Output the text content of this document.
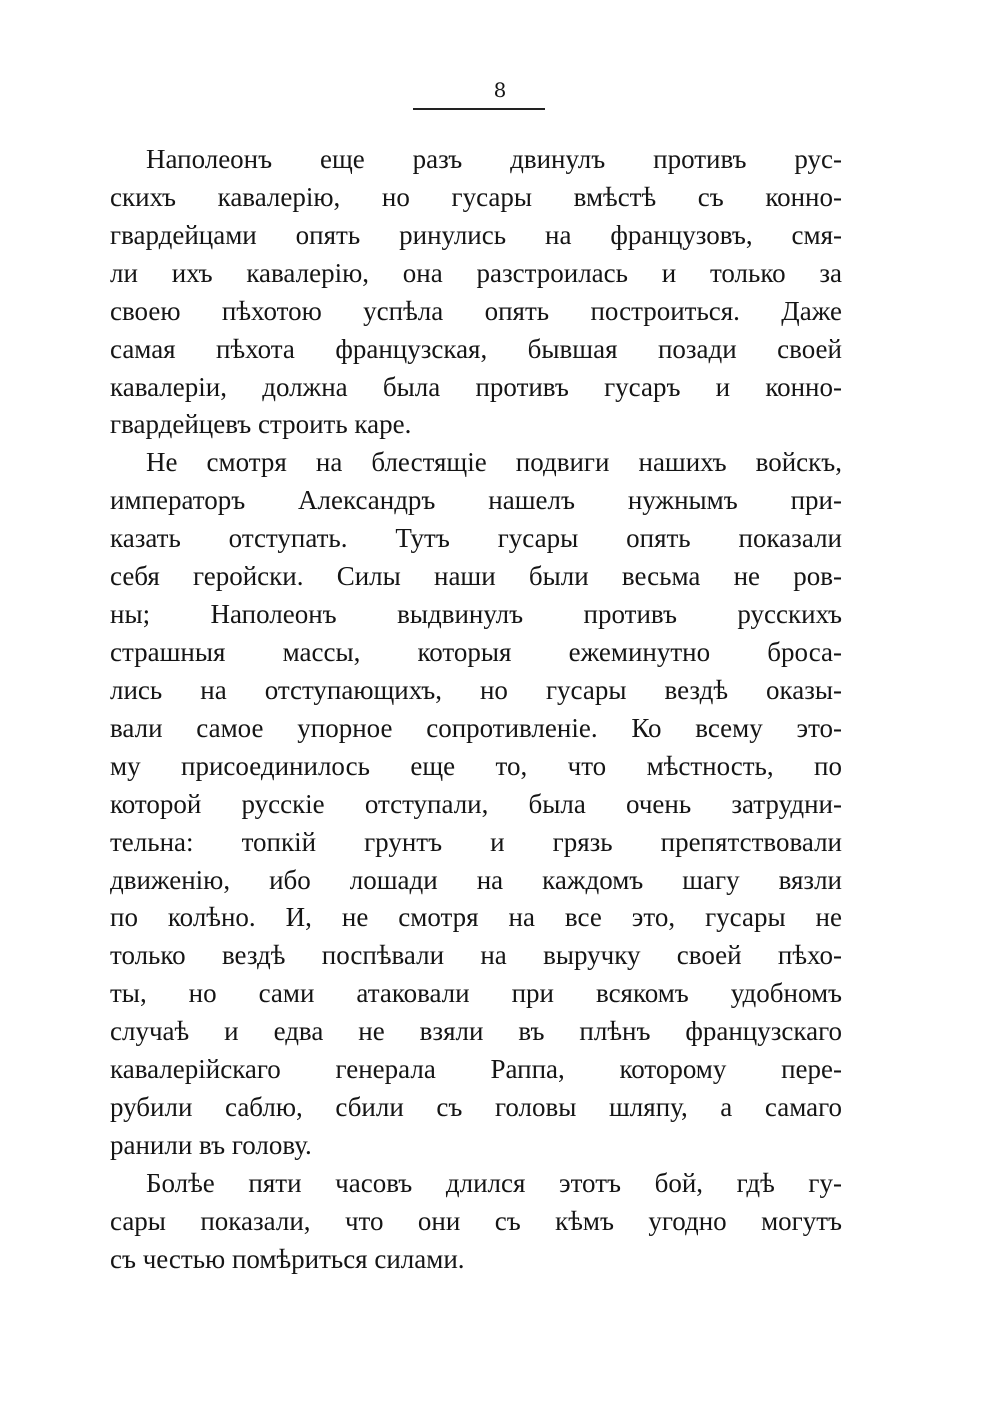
8
Наполеонъ еще разъ двинулъ противъ рус-
скихъ кавалерію, но гусары вмѣстѣ съ конно-
гвардейцами опять ринулись на французовъ, смя-
ли ихъ кавалерію, она разстроилась и только за
своею пѣхотою успѣла опять построиться. Даже
самая пѣхота французская, бывшая позади своей
кавалеріи, должна была противъ гусаръ и конно-
гвардейцевъ строить каре.
Не смотря на блестящіе подвиги нашихъ войскъ,
императоръ Александръ нашелъ нужнымъ при-
казать отступать. Тутъ гусары опять показали
себя геройски. Силы наши были весьма не ров-
ны; Наполеонъ выдвинулъ противъ русскихъ
страшныя массы, которыя ежеминутно броса-
лись на отступающихъ, но гусары вездѣ оказы-
вали самое упорное сопротивленіе. Ко всему это-
му присоединилось еще то, что мѣстность, по
которой русскіе отступали, была очень затрудни-
тельна: топкій грунтъ и грязь препятствовали
движенію, ибо лошади на каждомъ шагу вязли
по колѣно. И, не смотря на все это, гусары не
только вездѣ поспѣвали на выручку своей пѣхо-
ты, но сами атаковали при всякомъ удобномъ
случаѣ и едва не взяли въ плѣнъ французскаго
кавалерійскаго генерала Раппа, которому пере-
рубили саблю, сбили съ головы шляпу, а самаго
ранили въ голову.
Болѣе пяти часовъ длился этотъ бой, гдѣ гу-
сары показали, что они съ кѣмъ угодно могутъ
съ честью помѣриться силами.
